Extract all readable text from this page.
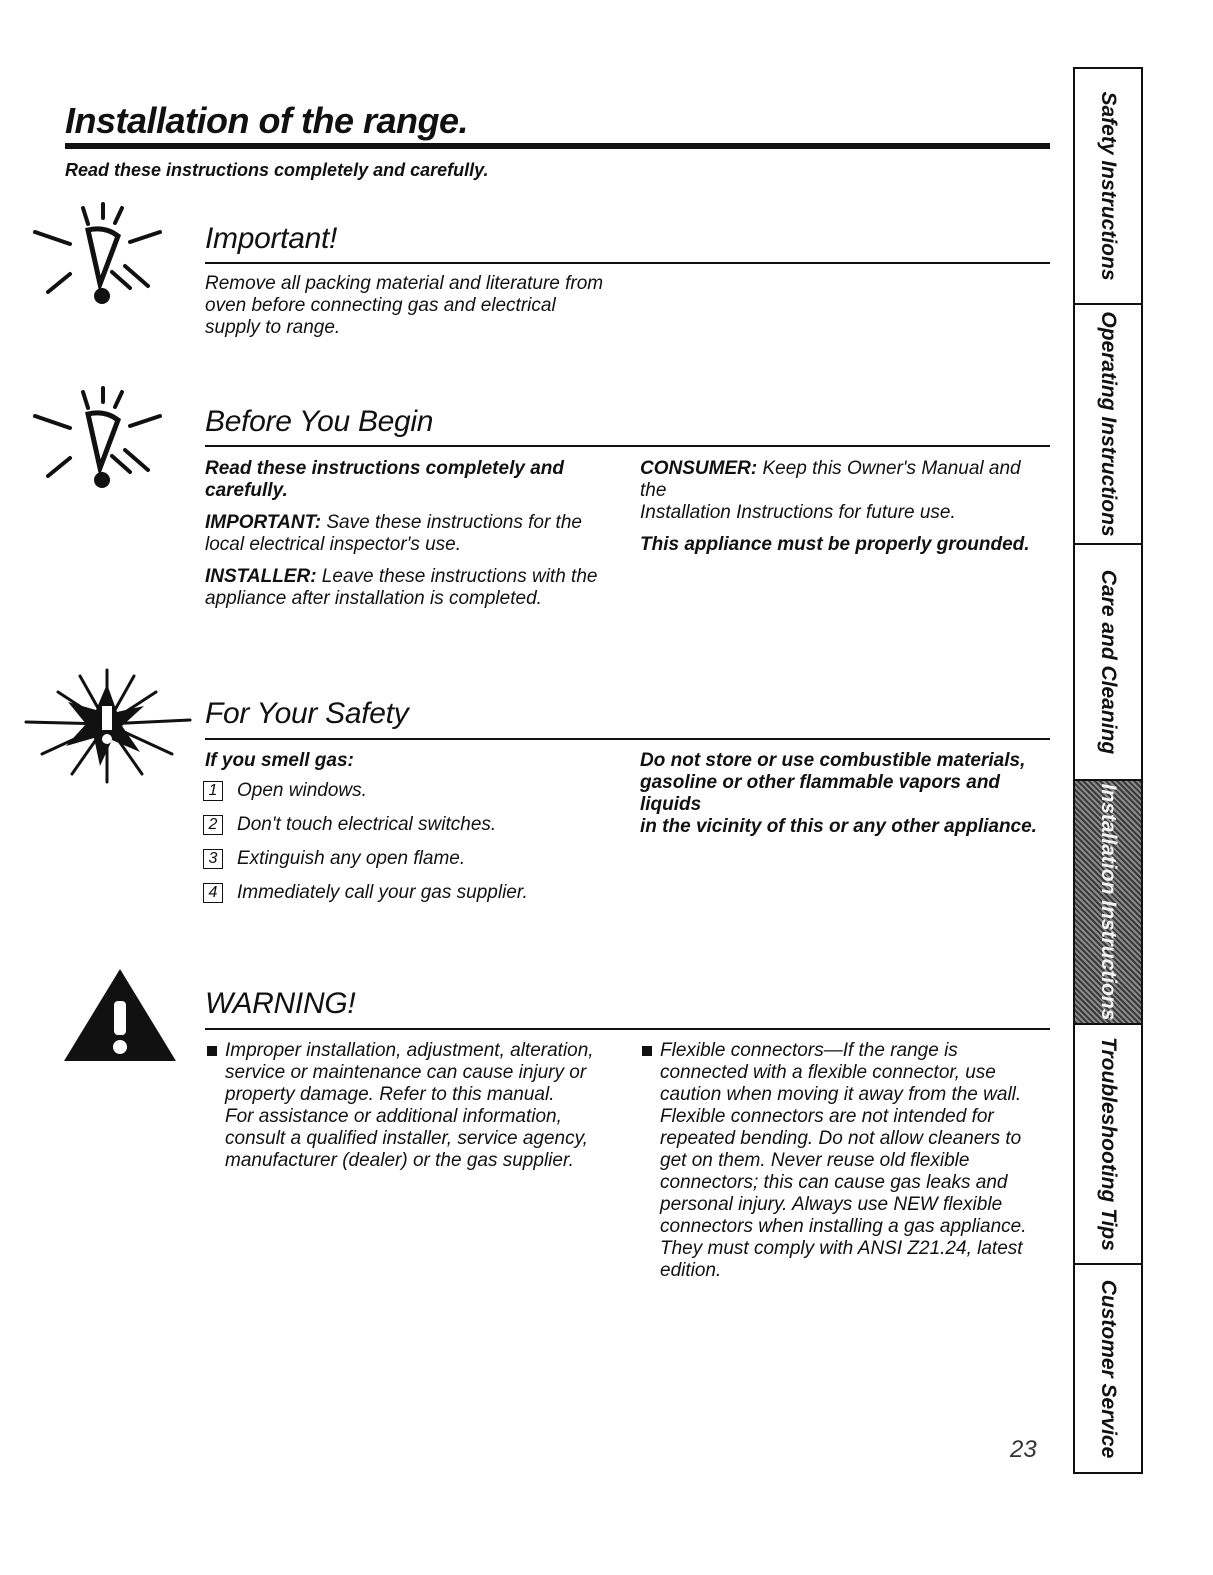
Installation of the range.
Read these instructions completely and carefully.
Important!
Remove all packing material and literature from
oven before connecting gas and electrical
supply to range.
Before You Begin
Read these instructions completely and
carefully.
IMPORTANT: Save these instructions for the
local electrical inspector's use.
INSTALLER: Leave these instructions with the
appliance after installation is completed.
CONSUMER: Keep this Owner's Manual and the
Installation Instructions for future use.
This appliance must be properly grounded.
For Your Safety
If you smell gas:
1 Open windows.
2 Don't touch electrical switches.
3 Extinguish any open flame.
4 Immediately call your gas supplier.
Do not store or use combustible materials,
gasoline or other flammable vapors and liquids
in the vicinity of this or any other appliance.
WARNING!
Improper installation, adjustment, alteration,
service or maintenance can cause injury or
property damage. Refer to this manual.
For assistance or additional information,
consult a qualified installer, service agency,
manufacturer (dealer) or the gas supplier.
Flexible connectors—If the range is
connected with a flexible connector, use
caution when moving it away from the wall.
Flexible connectors are not intended for
repeated bending. Do not allow cleaners to
get on them. Never reuse old flexible
connectors; this can cause gas leaks and
personal injury. Always use NEW flexible
connectors when installing a gas appliance.
They must comply with ANSI Z21.24, latest
edition.
23
Safety Instructions
Operating Instructions
Care and Cleaning
Installation Instructions
Troubleshooting Tips
Customer Service
